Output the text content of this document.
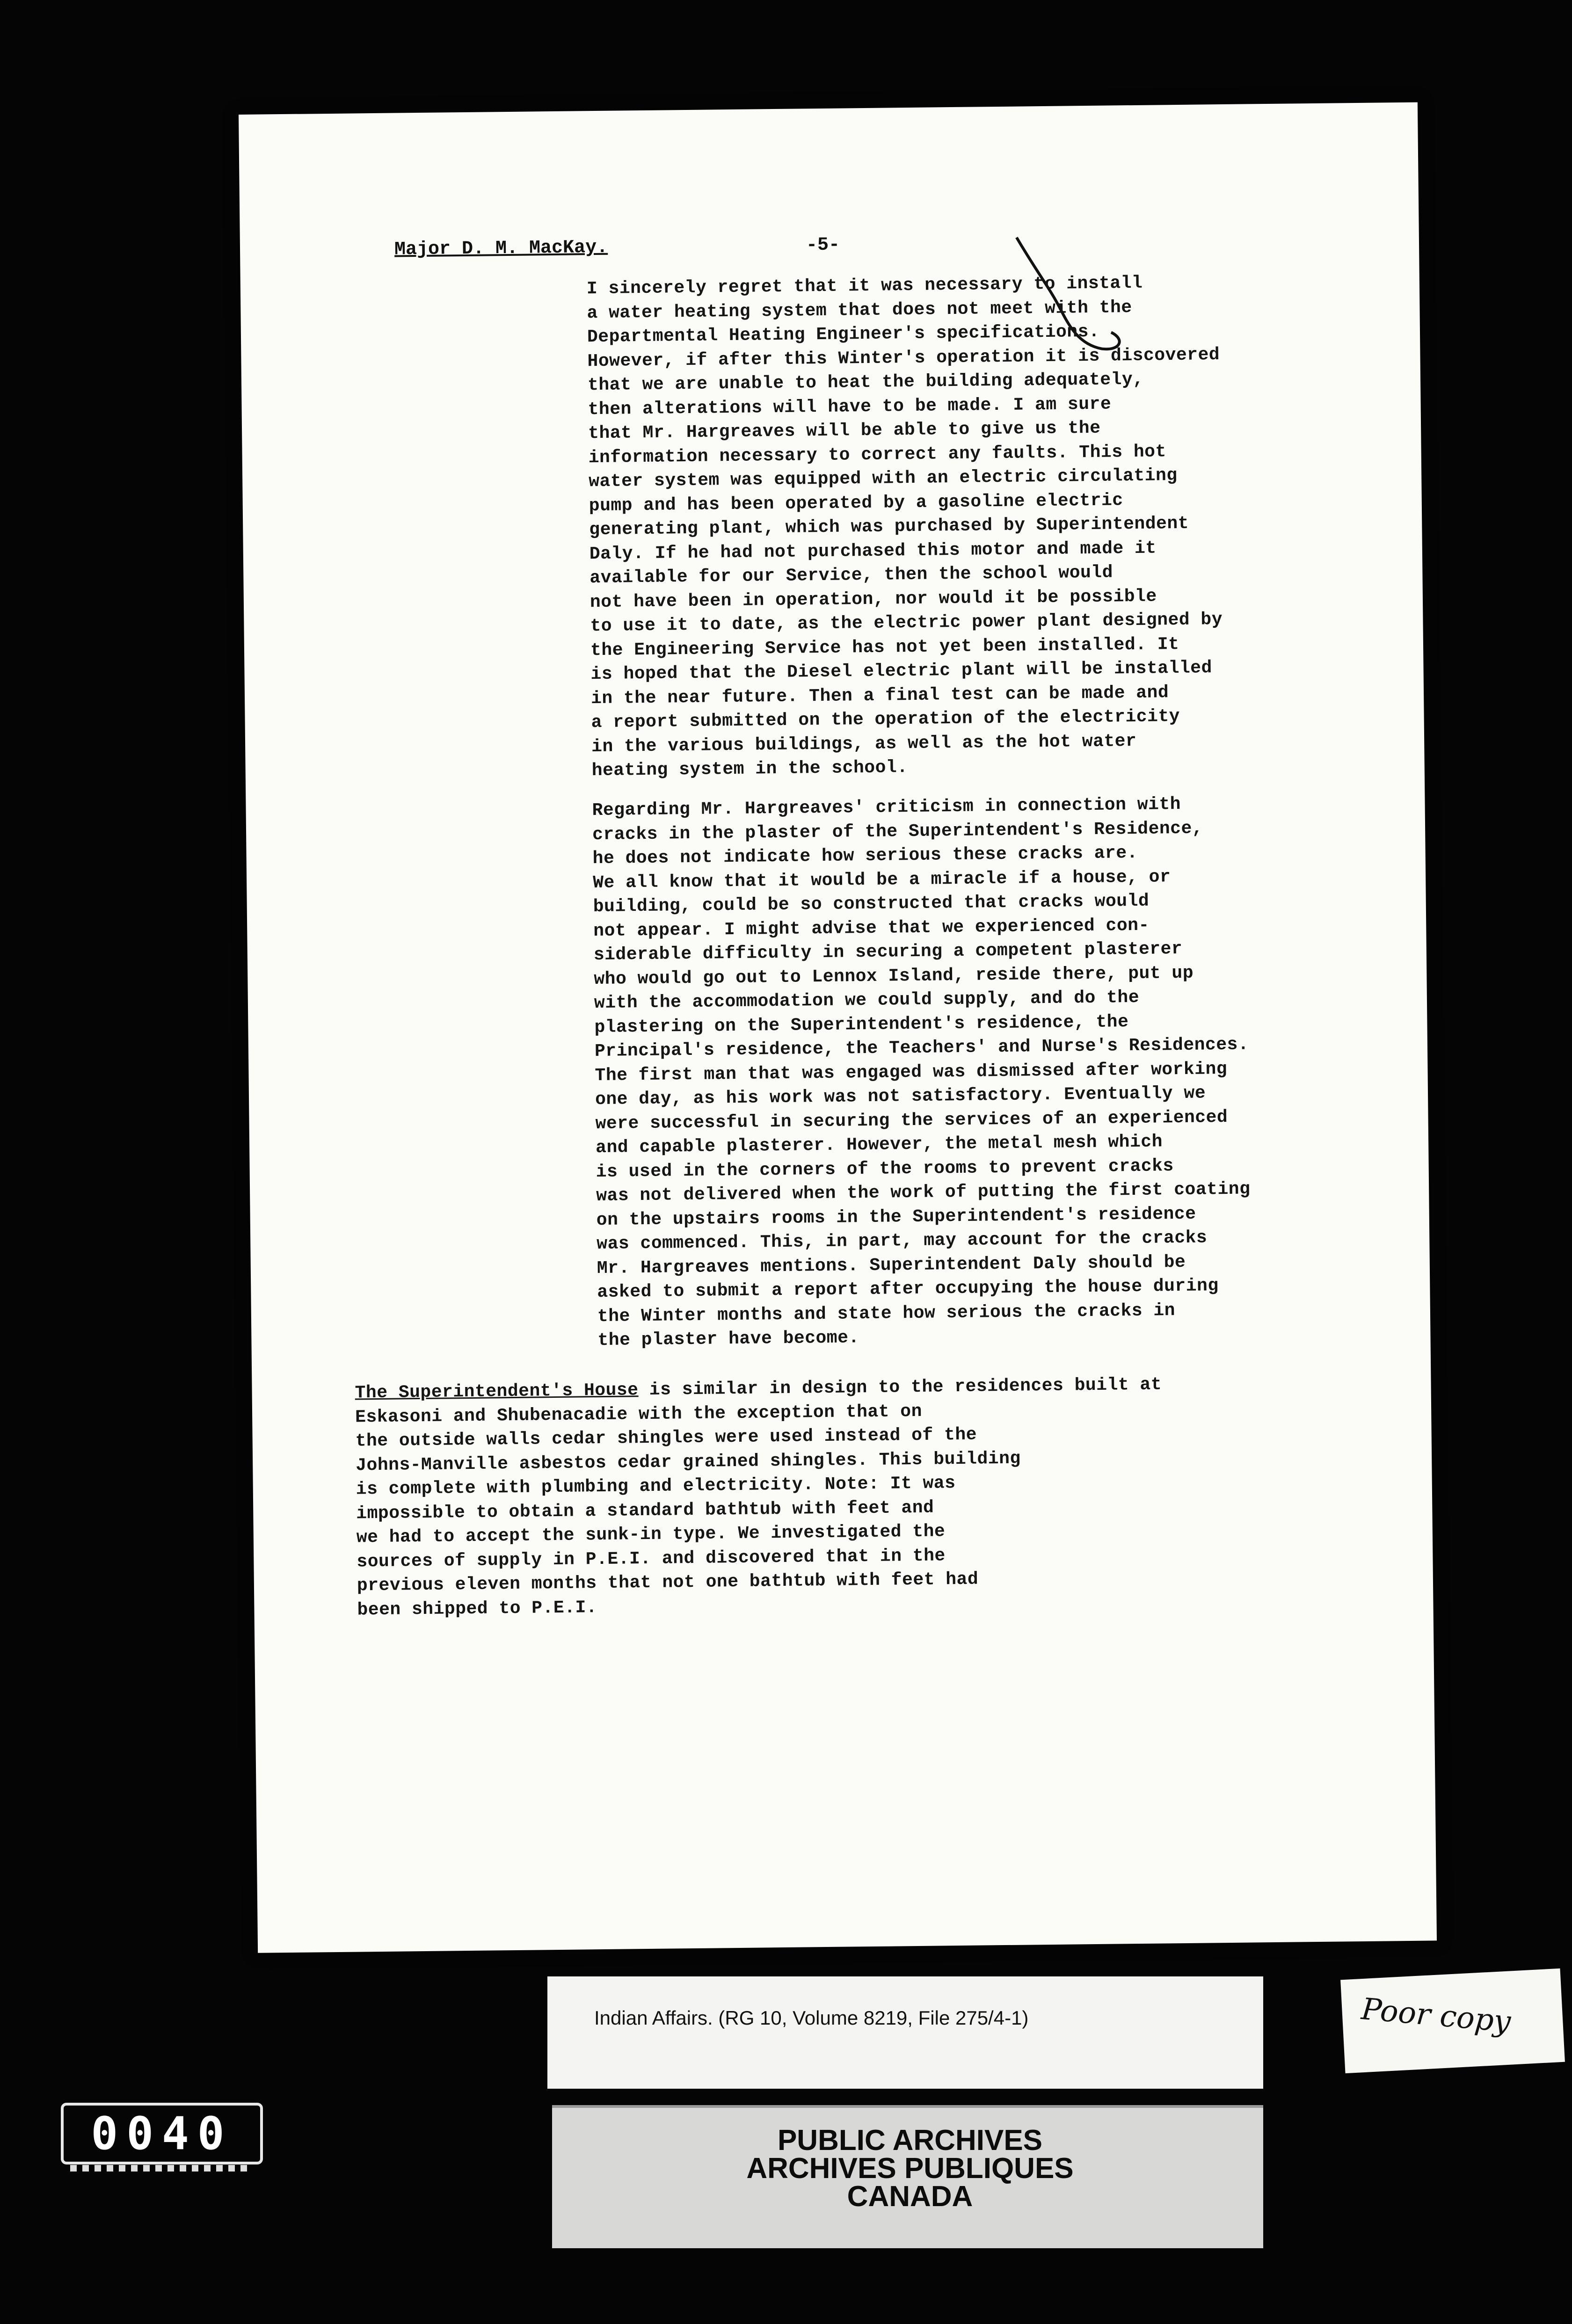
Major D. M. MacKay.	-5-
I sincerely regret that it was necessary to install
a water heating system that does not meet with the
Departmental Heating Engineer's specifications.
However, if after this Winter's operation it is discovered
that we are unable to heat the building adequately,
then alterations will have to be made. I am sure
that Mr. Hargreaves will be able to give us the
information necessary to correct any faults. This hot
water system was equipped with an electric circulating
pump and has been operated by a gasoline electric
generating plant, which was purchased by Superintendent
Daly. If he had not purchased this motor and made it
available for our Service, then the school would
not have been in operation, nor would it be possible
to use it to date, as the electric power plant designed by
the Engineering Service has not yet been installed. It
is hoped that the Diesel electric plant will be installed
in the near future. Then a final test can be made and
a report submitted on the operation of the electricity
in the various buildings, as well as the hot water
heating system in the school.
Regarding Mr. Hargreaves' criticism in connection with
cracks in the plaster of the Superintendent's Residence,
he does not indicate how serious these cracks are.
We all know that it would be a miracle if a house, or
building, could be so constructed that cracks would
not appear. I might advise that we experienced con-
siderable difficulty in securing a competent plasterer
who would go out to Lennox Island, reside there, put up
with the accommodation we could supply, and do the
plastering on the Superintendent's residence, the
Principal's residence, the Teachers' and Nurse's Residences.
The first man that was engaged was dismissed after working
one day, as his work was not satisfactory. Eventually we
were successful in securing the services of an experienced
and capable plasterer. However, the metal mesh which
is used in the corners of the rooms to prevent cracks
was not delivered when the work of putting the first coating
on the upstairs rooms in the Superintendent's residence
was commenced. This, in part, may account for the cracks
Mr. Hargreaves mentions. Superintendent Daly should be
asked to submit a report after occupying the house during
the Winter months and state how serious the cracks in
the plaster have become.
The Superintendent's House is similar in design to the residences built at
Eskasoni and Shubenacadie with the exception that on
the outside walls cedar shingles were used instead of the
Johns-Manville asbestos cedar grained shingles. This building
is complete with plumbing and electricity. Note: It was
impossible to obtain a standard bathtub with feet and
we had to accept the sunk-in type. We investigated the
sources of supply in P.E.I. and discovered that in the
previous eleven months that not one bathtub with feet had
been shipped to P.E.I.
Indian Affairs. (RG 10, Volume 8219, File 275/4-1)	Poor copy
PUBLIC ARCHIVES
ARCHIVES PUBLIQUES
CANADA
0040
